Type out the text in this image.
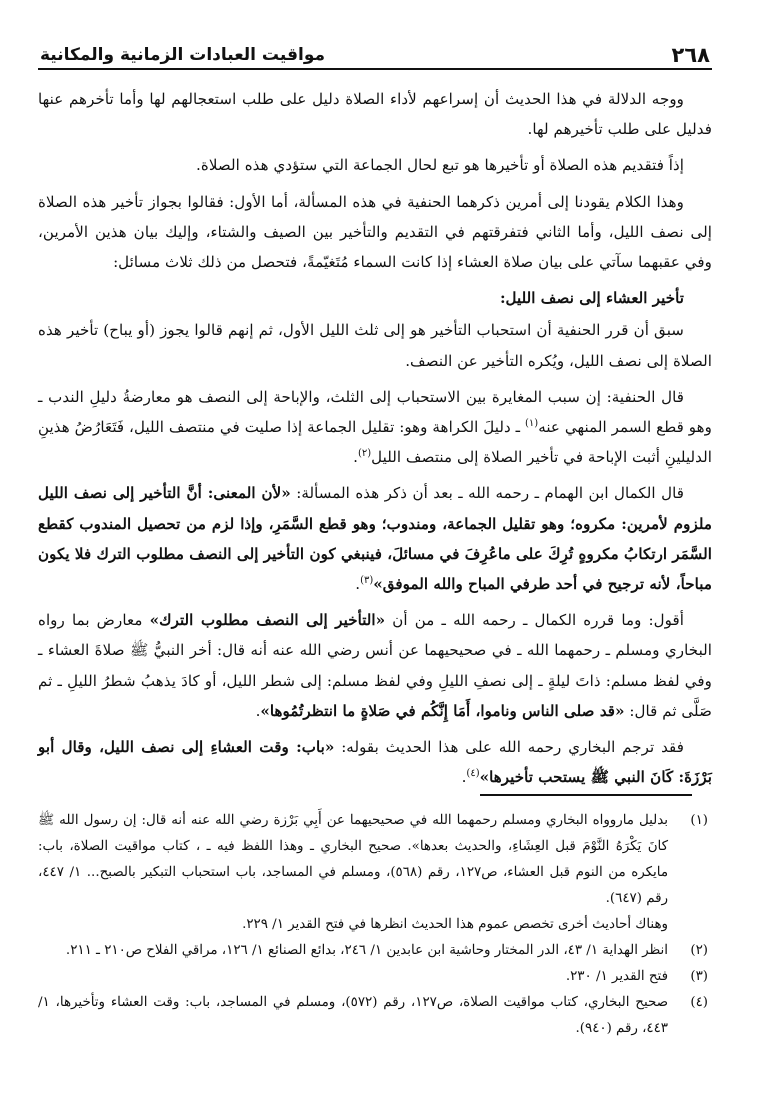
٢٦٨
مواقيت العبادات الزمانية والمكانية

ووجه الدلالة في هذا الحديث أن إسراعهم لأداء الصلاة دليل على طلب استعجالهم لها وأما تأخرهم عنها فدليل على طلب تأخيرهم لها.

إذاً فتقديم هذه الصلاة أو تأخيرها هو تبع لحال الجماعة التي ستؤدي هذه الصلاة.

وهذا الكلام يقودنا إلى أمرين ذكرهما الحنفية في هذه المسألة، أما الأول: فقالوا بجواز تأخير هذه الصلاة إلى نصف الليل، وأما الثاني فتفرقتهم في التقديم والتأخير بين الصيف والشتاء، وإليك بيان هذين الأمرين، وفي عقبهما سآتي على بيان صلاة العشاء إذا كانت السماء مُتَغيّمةً، فتحصل من ذلك ثلاث مسائل:

تأخير العشاء إلى نصف الليل:

سبق أن قرر الحنفية أن استحباب التأخير هو إلى ثلث الليل الأول، ثم إنهم قالوا يجوز (أو يباح) تأخير هذه الصلاة إلى نصف الليل، ويُكره التأخير عن النصف.

قال الحنفية: إن سبب المغايرة بين الاستحباب إلى الثلث، والإباحة إلى النصف هو معارضةُ دليلِ الندب ـ وهو قطع السمر المنهي عنه$^{(١)}$ ـ دليلَ الكراهة وهو: تقليل الجماعة إذا صليت في منتصف الليل، فَتَعَارُضُ هذينِ الدليلينِ أثبت الإباحة في تأخير الصلاة إلى منتصف الليل$^{(٢)}$.

قال الكمال ابن الهمام ـ رحمه الله ـ بعد أن ذكر هذه المسألة: «لأن المعنى: أنَّ التأخير إلى نصف الليل ملزوم لأمرين: مكروه؛ وهو تقليل الجماعة، ومندوب؛ وهو قطع السَّمَرِ، وإذا لزم من تحصيل المندوب كقطع السَّمَر ارتكابُ مكروهٍ تُرِكَ على ماعُرِفَ في مسائلَ، فينبغي كون التأخير إلى النصف مطلوب الترك فلا يكون مباحاً، لأنه ترجيح في أحد طرفي المباح والله الموفق»$^{(٣)}$.

أقول: وما قرره الكمال ـ رحمه الله ـ من أن «التأخير إلى النصف مطلوب الترك» معارض بما رواه البخاري ومسلم ـ رحمهما الله ـ في صحيحيهما عن أنس رضي الله عنه أنه قال: أخر النبيُّ ﷺ صلاةَ العشاء ـ وفي لفظ مسلم: ذاتَ ليلةٍ ـ إلى نصفِ الليلِ وفي لفظ مسلم: إلى شطر الليل، أو كادَ يذهبُ شطرُ الليلِ ـ ثم صَلَّى ثم قال: «قد صلى الناس وناموا، أَمَا إِنَّكُم في صَلاةٍ ما انتظرتُمُوها».

فقد ترجم البخاري رحمه الله على هذا الحديث بقوله: «باب: وقت العشاءِ إلى نصف الليل، وقال أبو بَرْزَةَ: كَانَ النبي ﷺ يستحب تأخيرها»$^{(٤)}$.

(١)
بدليل ماروواه البخاري ومسلم رحمهما الله في صحيحيهما عن أَبِي بَرْزة رضي الله عنه أنه قال: إن رسول الله ﷺ كانَ يَكْرَهُ النَّوْمَ قبل العِشَاءِ، والحديث بعدها». صحيح البخاري ـ وهذا اللفظ فيه ـ ، كتاب مواقيت الصلاة، باب: مايكره من النوم قبل العشاء، ص١٢٧، رقم (٥٦٨)، ومسلم في المساجد، باب استحباب التبكير بالصبح... ١/ ٤٤٧، رقم (٦٤٧).
وهناك أحاديث أخرى تخصص عموم هذا الحديث انظرها في فتح القدير ١/ ٢٢٩.
(٢)
انظر الهداية ١/ ٤٣، الدر المختار وحاشية ابن عابدين ١/ ٢٤٦، بدائع الصنائع ١/ ١٢٦، مراقي الفلاح ص٢١٠ ـ ٢١١.
(٣)
فتح القدير ١/ ٢٣٠.
(٤)
صحيح البخاري، كتاب مواقيت الصلاة، ص١٢٧، رقم (٥٧٢)، ومسلم في المساجد، باب: وقت العشاء وتأخيرها، ١/ ٤٤٣، رقم (٩٤٠).
